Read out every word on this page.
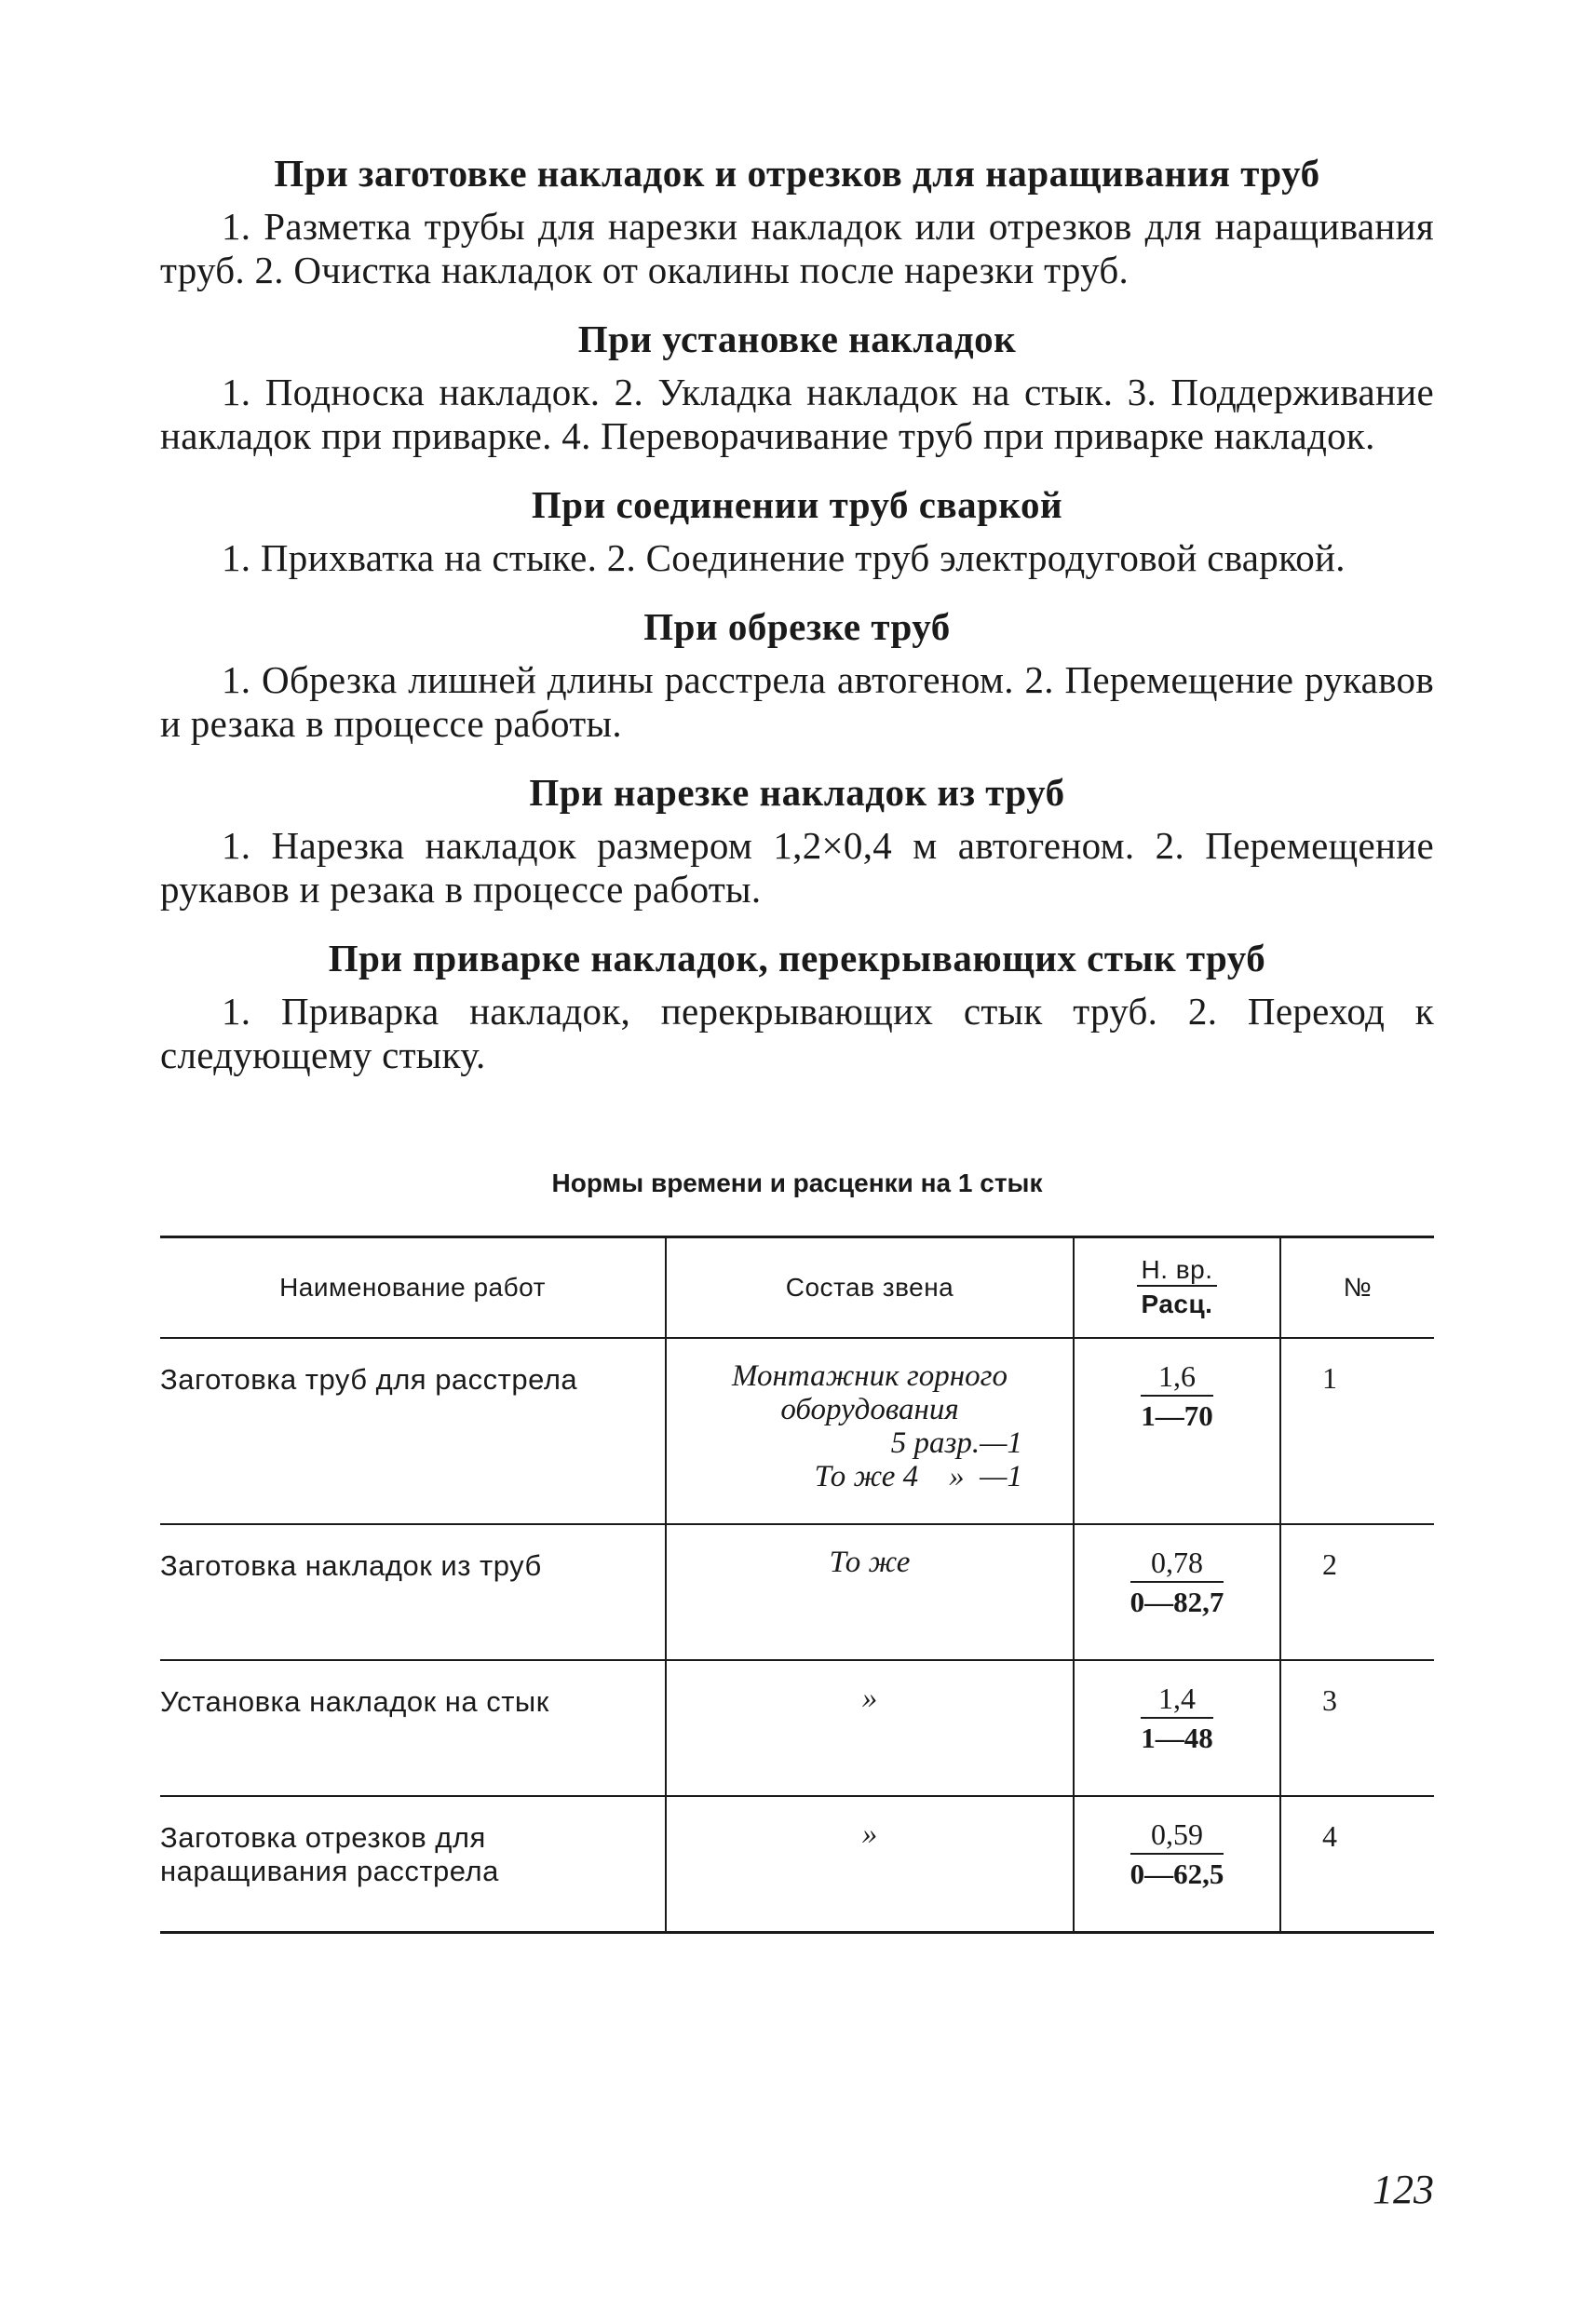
При заготовке накладок и отрезков для наращивания труб

1. Разметка трубы для нарезки накладок или отрезков для наращивания труб. 2. Очистка накладок от окалины после нарезки труб.

При установке накладок

1. Подноска накладок. 2. Укладка накладок на стык. 3. Поддерживание накладок при приварке. 4. Переворачивание труб при приварке накладок.

При соединении труб сваркой

1. Прихватка на стыке. 2. Соединение труб электродуговой сваркой.

При обрезке труб

1. Обрезка лишней длины расстрела автогеном. 2. Перемещение рукавов и резака в процессе работы.

При нарезке накладок из труб

1. Нарезка накладок размером 1,2×0,4 м автогеном. 2. Перемещение рукавов и резака в процессе работы.

При приварке накладок, перекрывающих стык труб

1. Приварка накладок, перекрывающих стык труб. 2. Переход к следующему стыку.

Нормы времени и расценки на 1 стык
Наименование работ	Состав звена	$\frac{Н. вр.}{\text{Расц.}}$	№
Заготовка труб для расстрела	Монтажник горного
оборудования
5 разр.—1
То же 4    »  —1	$\frac{1,6}{1—70}$	1
Заготовка накладок из труб	То же	$\frac{0,78}{0—82,7}$	2
Установка накладок на стык	»	$\frac{1,4}{1—48}$	3
Заготовка отрезков для наращивания расстрела	»	$\frac{0,59}{0—62,5}$	4
123
